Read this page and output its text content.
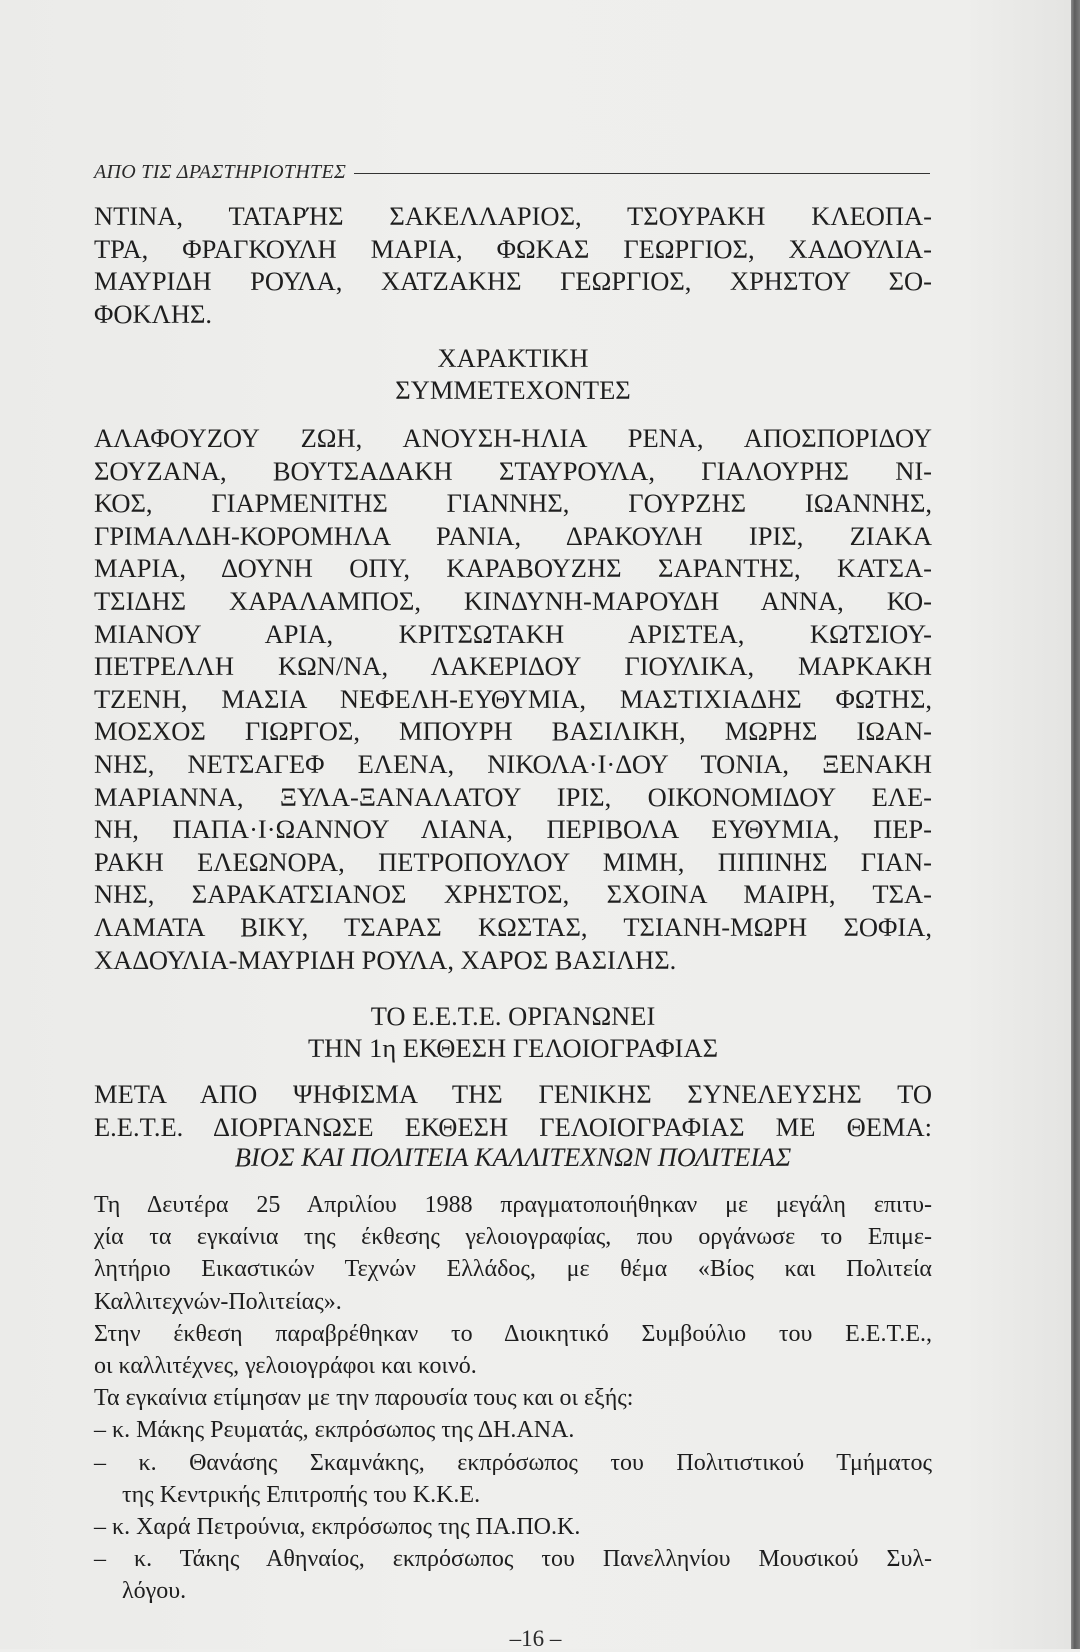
ΑΠΟ ΤΙΣ ΔΡΑΣΤΗΡΙΟΤΗΤΕΣ
ΝΤΙΝΑ, ΤΑΤΑΡΉΣ ΣΑΚΕΛΛΑΡΙΟΣ, ΤΣΟΥΡΑΚΗ ΚΛΕΟΠΑ-
ΤΡΑ, ΦΡΑΓΚΟΥΛΗ ΜΑΡΙΑ, ΦΩΚΑΣ ΓΕΩΡΓΙΟΣ, ΧΑΔΟΥΛΙΑ-
ΜΑΥΡΙΔΗ ΡΟΥΛΑ, ΧΑΤΖΑΚΗΣ ΓΕΩΡΓΙΟΣ, ΧΡΗΣΤΟΥ ΣΟ-
ΦΟΚΛΗΣ.
ΧΑΡΑΚΤΙΚΗ
ΣΥΜΜΕΤΕΧΟΝΤΕΣ
ΑΛΑΦΟΥΖΟΥ ΖΩΗ, ΑΝΟΥΣΗ-ΗΛΙΑ ΡΕΝΑ, ΑΠΟΣΠΟΡΙΔΟΥ
ΣΟΥΖΑΝΑ, ΒΟΥΤΣΑΔΑΚΗ ΣΤΑΥΡΟΥΛΑ, ΓΙΑΛΟΥΡΗΣ ΝΙ-
ΚΟΣ, ΓΙΑΡΜΕΝΙΤΗΣ ΓΙΑΝΝΗΣ, ΓΟΥΡΖΗΣ ΙΩΑΝΝΗΣ,
ΓΡΙΜΑΛΔΗ-ΚΟΡΟΜΗΛΑ ΡΑΝΙΑ, ΔΡΑΚΟΥΛΗ ΙΡΙΣ, ΖΙΑΚΑ
ΜΑΡΙΑ, ΔΟΥΝΗ ΟΠΥ, ΚΑΡΑΒΟΥΖΗΣ ΣΑΡΑΝΤΗΣ, ΚΑΤΣΑ-
ΤΣΙΔΗΣ ΧΑΡΑΛΑΜΠΟΣ, ΚΙΝΔΥΝΗ-ΜΑΡΟΥΔΗ ΑΝΝΑ, ΚΟ-
ΜΙΑΝΟΥ ΑΡΙΑ, ΚΡΙΤΣΩΤΑΚΗ ΑΡΙΣΤΕΑ, ΚΩΤΣΙΟΥ-
ΠΕΤΡΕΛΛΗ ΚΩΝ/ΝΑ, ΛΑΚΕΡΙΔΟΥ ΓΙΟΥΛΙΚΑ, ΜΑΡΚΑΚΗ
ΤΖΕΝΗ, ΜΑΣΙΑ ΝΕΦΕΛΗ-ΕΥΘΥΜΙΑ, ΜΑΣΤΙΧΙΑΔΗΣ ΦΩΤΗΣ,
ΜΟΣΧΟΣ ΓΙΩΡΓΟΣ, ΜΠΟΥΡΗ ΒΑΣΙΛΙΚΗ, ΜΩΡΗΣ ΙΩΑΝ-
ΝΗΣ, ΝΕΤΣΑΓΕΦ ΕΛΕΝΑ, ΝΙΚΟΛΑ·Ι·ΔΟΥ ΤΟΝΙΑ, ΞΕΝΑΚΗ
ΜΑΡΙΑΝΝΑ, ΞΥΛΑ-ΞΑΝΑΛΑΤΟΥ ΙΡΙΣ, ΟΙΚΟΝΟΜΙΔΟΥ ΕΛΕ-
ΝΗ, ΠΑΠΑ·Ι·ΩΑΝΝΟΥ ΛΙΑΝΑ, ΠΕΡΙΒΟΛΑ ΕΥΘΥΜΙΑ, ΠΕΡ-
ΡΑΚΗ ΕΛΕΩΝΟΡΑ, ΠΕΤΡΟΠΟΥΛΟΥ ΜΙΜΗ, ΠΙΠΙΝΗΣ ΓΙΑΝ-
ΝΗΣ, ΣΑΡΑΚΑΤΣΙΑΝΟΣ ΧΡΗΣΤΟΣ, ΣΧΟΙΝΑ ΜΑΙΡΗ, ΤΣΑ-
ΛΑΜΑΤΑ ΒΙΚΥ, ΤΣΑΡΑΣ ΚΩΣΤΑΣ, ΤΣΙΑΝΗ-ΜΩΡΗ ΣΟΦΙΑ,
ΧΑΔΟΥΛΙΑ-ΜΑΥΡΙΔΗ ΡΟΥΛΑ, ΧΑΡΟΣ ΒΑΣΙΛΗΣ.
ΤΟ Ε.Ε.Τ.Ε. ΟΡΓΑΝΩΝΕΙ
ΤΗΝ 1η ΕΚΘΕΣΗ ΓΕΛΟΙΟΓΡΑΦΙΑΣ
ΜΕΤΑ ΑΠΟ ΨΗΦΙΣΜΑ ΤΗΣ ΓΕΝΙΚΗΣ ΣΥΝΕΛΕΥΣΗΣ ΤΟ
Ε.Ε.Τ.Ε. ΔΙΟΡΓΑΝΩΣΕ ΕΚΘΕΣΗ ΓΕΛΟΙΟΓΡΑΦΙΑΣ ΜΕ ΘΕΜΑ:
ΒΙΟΣ ΚΑΙ ΠΟΛΙΤΕΙΑ ΚΑΛΛΙΤΕΧΝΩΝ ΠΟΛΙΤΕΙΑΣ
Τη Δευτέρα 25 Απριλίου 1988 πραγματοποιήθηκαν με μεγάλη επιτυ-
χία τα εγκαίνια της έκθεσης γελοιογραφίας, που οργάνωσε το Επιμε-
λητήριο Εικαστικών Τεχνών Ελλάδος, με θέμα «Βίος και Πολιτεία
Καλλιτεχνών-Πολιτείας».
Στην έκθεση παραβρέθηκαν το Διοικητικό Συμβούλιο του Ε.Ε.Τ.Ε.,
οι καλλιτέχνες, γελοιογράφοι και κοινό.
Τα εγκαίνια ετίμησαν με την παρουσία τους και οι εξής:
– κ. Μάκης Ρευματάς, εκπρόσωπος της ΔΗ.ΑΝΑ.
– κ. Θανάσης Σκαμνάκης, εκπρόσωπος του Πολιτιστικού Τμήματος
της Κεντρικής Επιτροπής του Κ.Κ.Ε.
– κ. Χαρά Πετρούνια, εκπρόσωπος της ΠΑ.ΠΟ.Κ.
– κ. Τάκης Αθηναίος, εκπρόσωπος του Πανελληνίου Μουσικού Συλ-
λόγου.
–16 –
